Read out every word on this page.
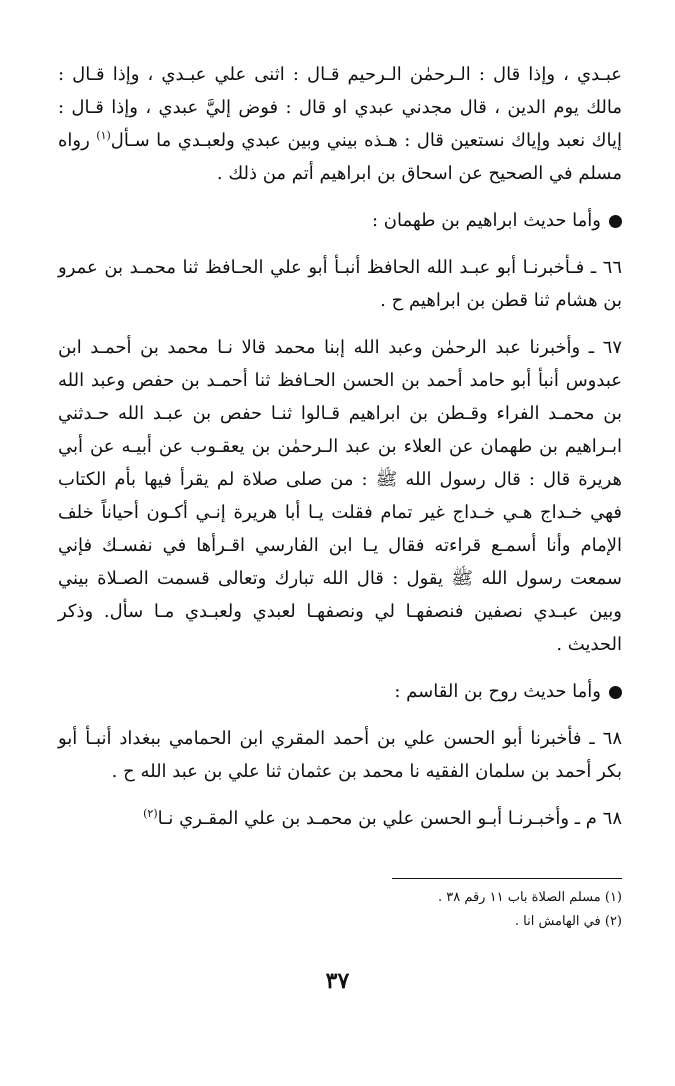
عبـدي ، وإذا قال : الـرحمٰن الـرحيم قـال : اثنى علي عبـدي ، وإذا قـال : مالك يوم الدين ، قال مجدني عبدي او قال : فوض إليَّ عبدي ، وإذا قـال : إياك نعبد وإياك نستعين قال : هـذه بيني وبين عبدي ولعبـدي ما سـأل$^{(١)}$ رواه مسلم في الصحيح عن اسحاق بن ابراهيم أتم من ذلك .

وأما حديث ابراهيم بن طهمان :

٦٦ ـ فـأخبرنـا أبو عبـد الله الحافظ أنبـأ أبو علي الحـافظ ثنا محمـد بن عمرو بن هشام ثنا قطن بن ابراهيم ح .

٦٧ ـ وأخبرنا عبد الرحمٰن وعبد الله إبنا محمد قالا نـا محمد بن أحمـد ابن عبدوس أنبأ أبو حامد أحمد بن الحسن الحـافظ ثنا أحمـد بن حفص وعبد الله بن محمـد الفراء وقـطن بن ابراهيم قـالوا ثنـا حفص بن عبـد الله حـدثني ابـراهيم بن طهمان عن العلاء بن عبد الـرحمٰن بن يعقـوب عن أبيـه عن أبي هريرة قال : قال رسول الله ﷺ : من صلى صلاة لم يقرأ فيها بأم الكتاب فهي خـداج هـي خـداج غير تمام فقلت يـا أبا هريرة إنـي أكـون أحياناً خلف الإمام وأنا أسمـع قراءته فقال يـا ابن الفارسي اقـرأها في نفسـك فإني سمعت رسول الله ﷺ يقول : قال الله تبارك وتعالى قسمت الصـلاة بيني وبين عبـدي نصفين فنصفهـا لي ونصفهـا لعبدي ولعبـدي مـا سأل. وذكر الحديث .

وأما حديث روح بن القاسم :

٦٨ ـ فأخبرنا أبو الحسن علي بن أحمد المقري ابن الحمامي ببغداد أنبـأ أبو بكر أحمد بن سلمان الفقيه نا محمد بن عثمان ثنا علي بن عبد الله ح .

٦٨ م ـ وأخبـرنـا أبـو الحسن علي بن محمـد بن علي المقـري نـا$^{(٢)}$

(١) مسلم الصلاة باب ١١ رقم ٣٨ .
(٢) في الهامش انا .
٣٧
